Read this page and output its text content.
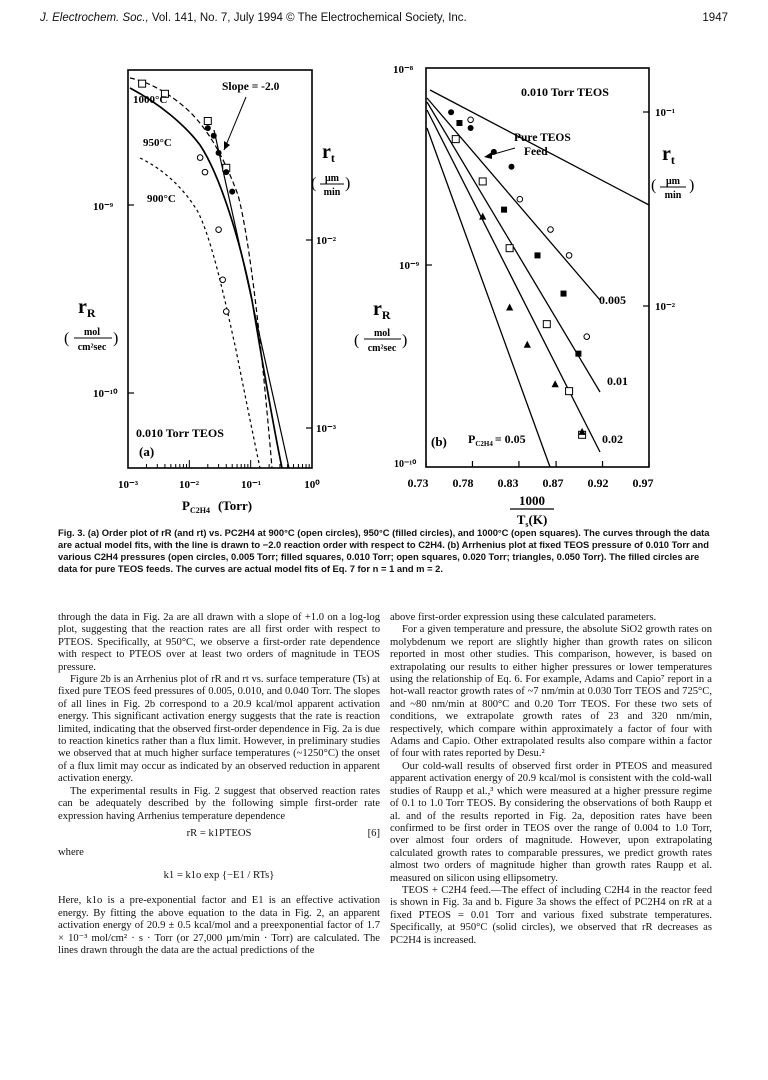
J. Electrochem. Soc., Vol. 141, No. 7, July 1994 © The Electrochemical Society, Inc.	1947
1000°C
Slope = -2.0
950°C
900°C
10⁻⁹
10⁻¹⁰
10⁻²
10⁻³
$r_t$
( μm
min
)
$r_R$
( mol
cm²sec
)
0.010 Torr TEOS
(a)
10⁻³	10⁻²	10⁻¹	10⁰
$P_{C2H4}$ (Torr)
10⁻⁸
10⁻⁹
10⁻¹⁰
10⁻¹
10⁻²
0.010 Torr TEOS
Pure TEOS
Feed
0.005
0.01
0.02
(b) $P_{C2H4} = 0.05$
$r_t$
( μm
min
)
$r_R$
( mol
cm²sec )
0.73 0.78 0.83 0.87 0.92 0.97
1000
$T_s(K)$
Fig. 3. (a) Order plot of rR (and rt) vs. PC2H4 at 900°C (open circles), 950°C (filled circles), and 1000°C (open squares). The curves through the data are actual model fits, with the line is drawn to −2.0 reaction order with respect to C2H4. (b) Arrhenius plot at fixed TEOS pressure of 0.010 Torr and various C2H4 pressures (open circles, 0.005 Torr; filled squares, 0.010 Torr; open squares, 0.020 Torr; triangles, 0.050 Torr). The filled circles are data for pure TEOS feeds. The curves are actual model fits of Eq. 7 for n = 1 and m = 2.

through the data in Fig. 2a are all drawn with a slope of +1.0 on a log-log plot, suggesting that the reaction rates are all first order with respect to PTEOS. Specifically, at 950°C, we observe a first-order rate dependence with respect to PTEOS over at least two orders of magnitude in TEOS pressure.

Figure 2b is an Arrhenius plot of rR and rt vs. surface temperature (Ts) at fixed pure TEOS feed pressures of 0.005, 0.010, and 0.040 Torr. The slopes of all lines in Fig. 2b correspond to a 20.9 kcal/mol apparent activation energy. This significant activation energy suggests that the rate is reaction limited, indicating that the observed first-order dependence in Fig. 2a is due to reaction kinetics rather than a flux limit. However, in preliminary studies we observed that at much higher surface temperatures (~1250°C) the onset of a flux limit may occur as indicated by an observed reduction in apparent activation energy.

The experimental results in Fig. 2 suggest that observed reaction rates can be adequately described by the following simple first-order rate expression having Arrhenius temperature dependence

rR = k1PTEOS	[6]

where

k1 = k1o exp {−E1 / RTs}

Here, k1o is a pre-exponential factor and E1 is an effective activation energy. By fitting the above equation to the data in Fig. 2, an apparent activation energy of 20.9 ± 0.5 kcal/mol and a preexponential factor of 1.7 × 10⁻³ mol/cm² · s · Torr (or 27,000 μm/min · Torr) are calculated. The lines drawn through the data are the actual predictions of the

above first-order expression using these calculated parameters.

For a given temperature and pressure, the absolute SiO2 growth rates on molybdenum we report are slightly higher than growth rates on silicon reported in most other studies. This comparison, however, is based on extrapolating our results to either higher pressures or lower temperatures using the relationship of Eq. 6. For example, Adams and Capio⁷ report in a hot-wall reactor growth rates of ~7 nm/min at 0.030 Torr TEOS and 725°C, and ~80 nm/min at 800°C and 0.20 Torr TEOS. For these two sets of conditions, we extrapolate growth rates of 23 and 320 nm/min, respectively, which compare within approximately a factor of four with Adams and Capio. Other extrapolated results also compare within a factor of four with rates reported by Desu.²

Our cold-wall results of observed first order in PTEOS and measured apparent activation energy of 20.9 kcal/mol is consistent with the cold-wall studies of Raupp et al.,³ which were measured at a higher pressure regime of 0.1 to 1.0 Torr TEOS. By considering the observations of both Raupp et al. and of the results reported in Fig. 2a, deposition rates have been confirmed to be first order in TEOS over the range of 0.004 to 1.0 Torr, over almost four orders of magnitude. However, upon extrapolating calculated growth rates to comparable pressures, we predict growth rates almost two orders of magnitude higher than growth rates Raupp et al. measured on silicon using ellipsometry.

TEOS + C2H4 feed.—The effect of including C2H4 in the reactor feed is shown in Fig. 3a and b. Figure 3a shows the effect of PC2H4 on rR at a fixed PTEOS = 0.01 Torr and various fixed substrate temperatures. Specifically, at 950°C (solid circles), we observed that rR decreases as PC2H4 is increased.
